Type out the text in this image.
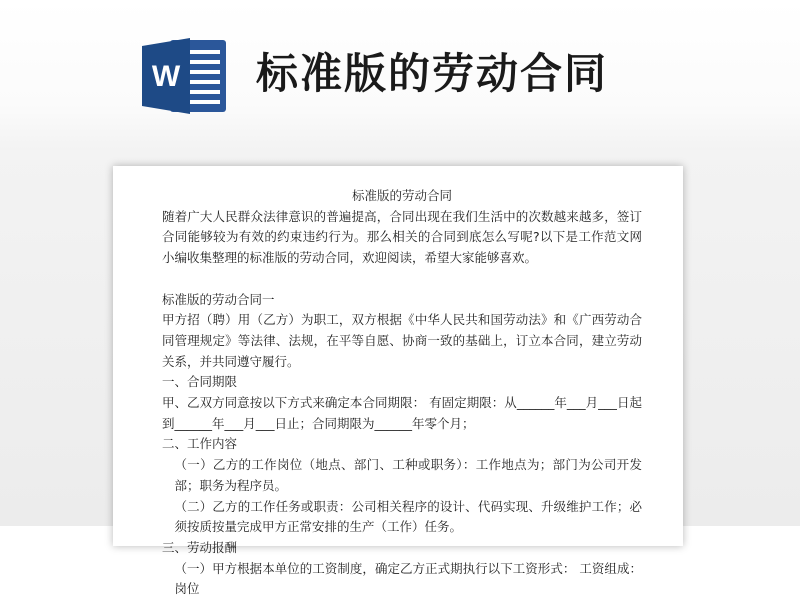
W 标准版的劳动合同
标准版的劳动合同

随着广大人民群众法律意识的普遍提高，合同出现在我们生活中的次数越来越多，签订合同能够较为有效的约束违约行为。那么相关的合同到底怎么写呢?以下是工作范文网小编收集整理的标准版的劳动合同，欢迎阅读，希望大家能够喜欢。

标准版的劳动合同一

甲方招（聘）用（乙方）为职工，双方根据《中华人民共和国劳动法》和《广西劳动合同管理规定》等法律、法规，在平等自愿、协商一致的基础上，订立本合同，建立劳动关系，并共同遵守履行。

一、合同期限

甲、乙双方同意按以下方式来确定本合同期限： 有固定期限：从______年___月___日起到______年___月___日止；合同期限为______年零个月；

二、工作内容

（一）乙方的工作岗位（地点、部门、工种或职务）：工作地点为；部门为公司开发部；职务为程序员。

（二）乙方的工作任务或职责：公司相关程序的设计、代码实现、升级维护工作；必须按质按量完成甲方正常安排的生产（工作）任务。

三、劳动报酬

（一）甲方根据本单位的工资制度，确定乙方正式期执行以下工资形式： 工资组成：岗位
